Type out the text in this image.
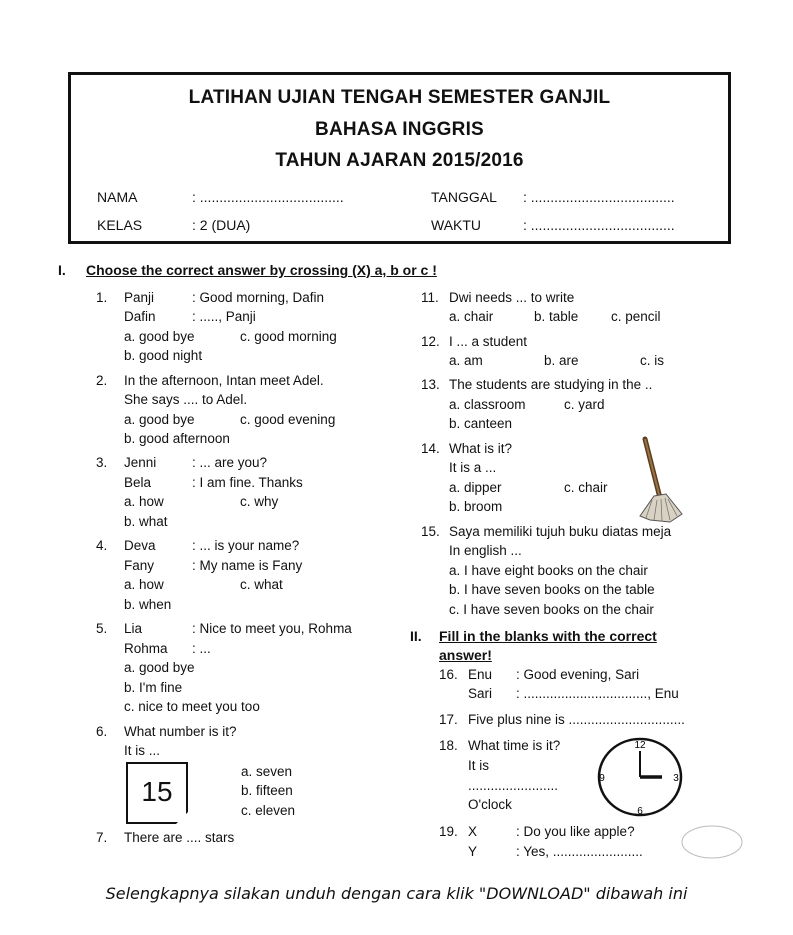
LATIHAN UJIAN TENGAH SEMESTER GANJIL
BAHASA INGGRIS
TAHUN AJARAN 2015/2016
NAMA	: .....................................	TANGGAL : .....................................
KELAS	: 2 (DUA)	WAKTU	: .....................................
I. Choose the correct answer by crossing (X) a, b or c !
1. Panji	: Good morning, Dafin
Dafin	: ....., Panji
a. good bye	c. good morning
b. good night
2. In the afternoon, Intan meet Adel.
She says .... to Adel.
a. good bye	c. good evening
b. good afternoon
3. Jenni	: ... are you?
Bela	: I am fine. Thanks
a. how	c. why
b. what
4. Deva	: ... is your name?
Fany	: My name is Fany
a. how	c. what
b. when
5. Lia	: Nice to meet you, Rohma
Rohma : ...
a. good bye
b. I'm fine
c. nice to meet you too
6. What number is it?
It is ...
15
a. seven
b. fifteen
c. eleven
7. There are .... stars
11. Dwi needs ... to write
a. chair	b. table c. pencil
12. I ... a student
a. am	b. are	c. is
13. The students are studying in the ..
a. classroom	c. yard
b. canteen
14. What is it?
It is a ...
a. dipper	c. chair
b. broom
15. Saya memiliki tujuh buku diatas meja
In english ...
a. I have eight books on the chair
b. I have seven books on the table
c. I have seven books on the chair
II. Fill in the blanks with the correct
answer!
16. Enu : Good evening, Sari
Sari : ................................., Enu
17. Five plus nine is ...............................
18. What time is it?
It is
........................
O'clock
12
3
6
9
19. X	: Do you like apple?
Y	: Yes, ........................
Selengkapnya silakan unduh dengan cara klik "DOWNLOAD" dibawah ini
